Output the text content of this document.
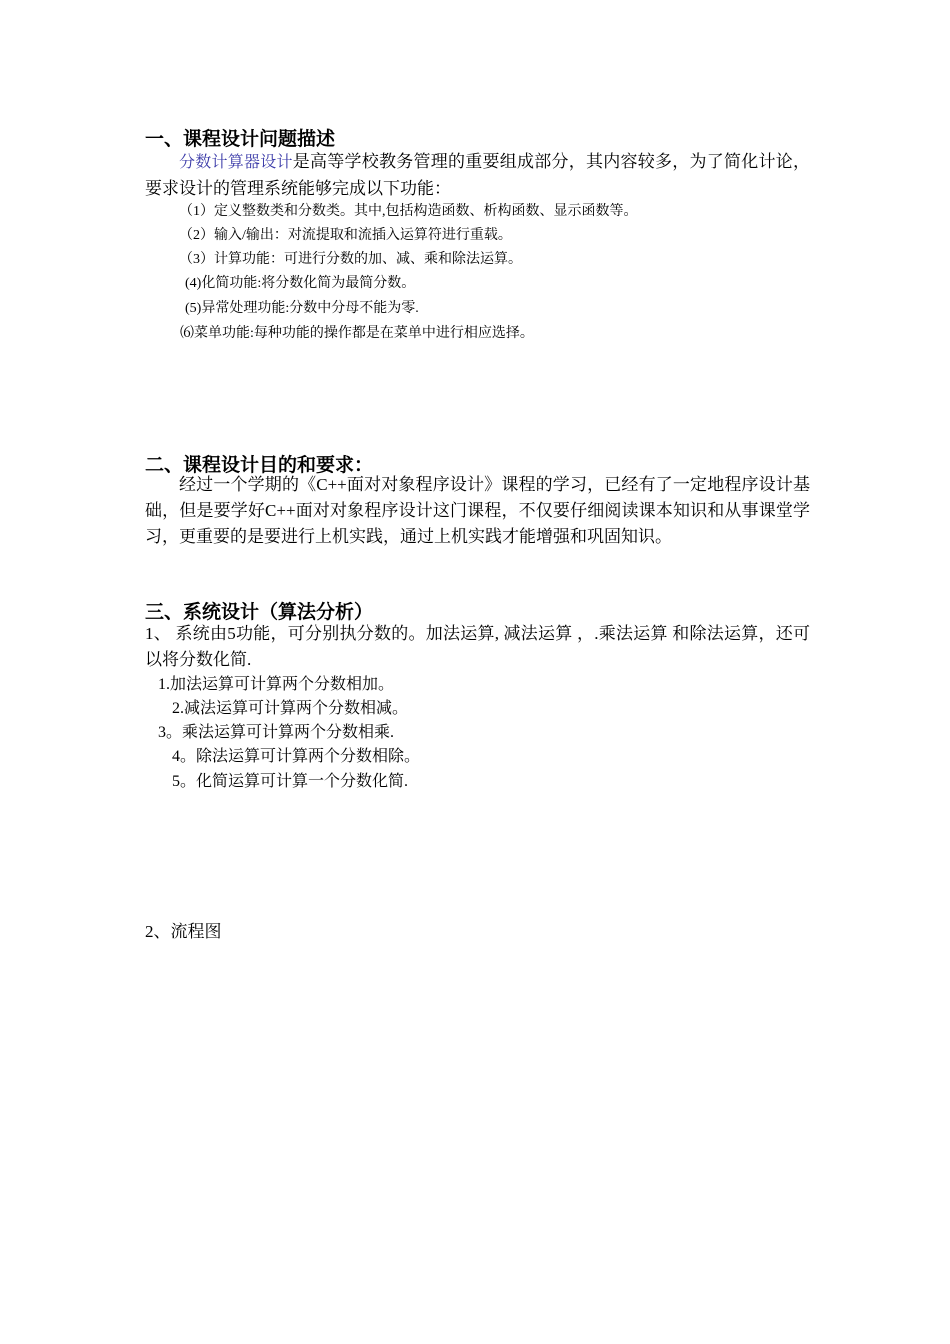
一、课程设计问题描述
分数计算器设计是高等学校教务管理的重要组成部分，其内容较多，为了简化计论，要求设计的管理系统能够完成以下功能：
（1）定义整数类和分数类。其中,包括构造函数、析构函数、显示函数等。
（2）输入/输出：对流提取和流插入运算符进行重载。
（3）计算功能：可进行分数的加、减、乘和除法运算。
(4)化简功能:将分数化简为最简分数。
(5)异常处理功能:分数中分母不能为零.
⑹菜单功能:每种功能的操作都是在菜单中进行相应选择。
二、课程设计目的和要求：
经过一个学期的《C++面对对象程序设计》课程的学习，已经有了一定地程序设计基础，但是要学好C++面对对象程序设计这门课程，不仅要仔细阅读课本知识和从事课堂学习，更重要的是要进行上机实践，通过上机实践才能增强和巩固知识。
三、系统设计（算法分析）
1、 系统由5功能，可分别执分数的。加法运算, 减法运算 ，.乘法运算 和除法运算，还可以将分数化简.
1.加法运算可计算两个分数相加。
2.减法运算可计算两个分数相减。
3。乘法运算可计算两个分数相乘.
4。除法运算可计算两个分数相除。
5。化简运算可计算一个分数化简.
2、流程图
